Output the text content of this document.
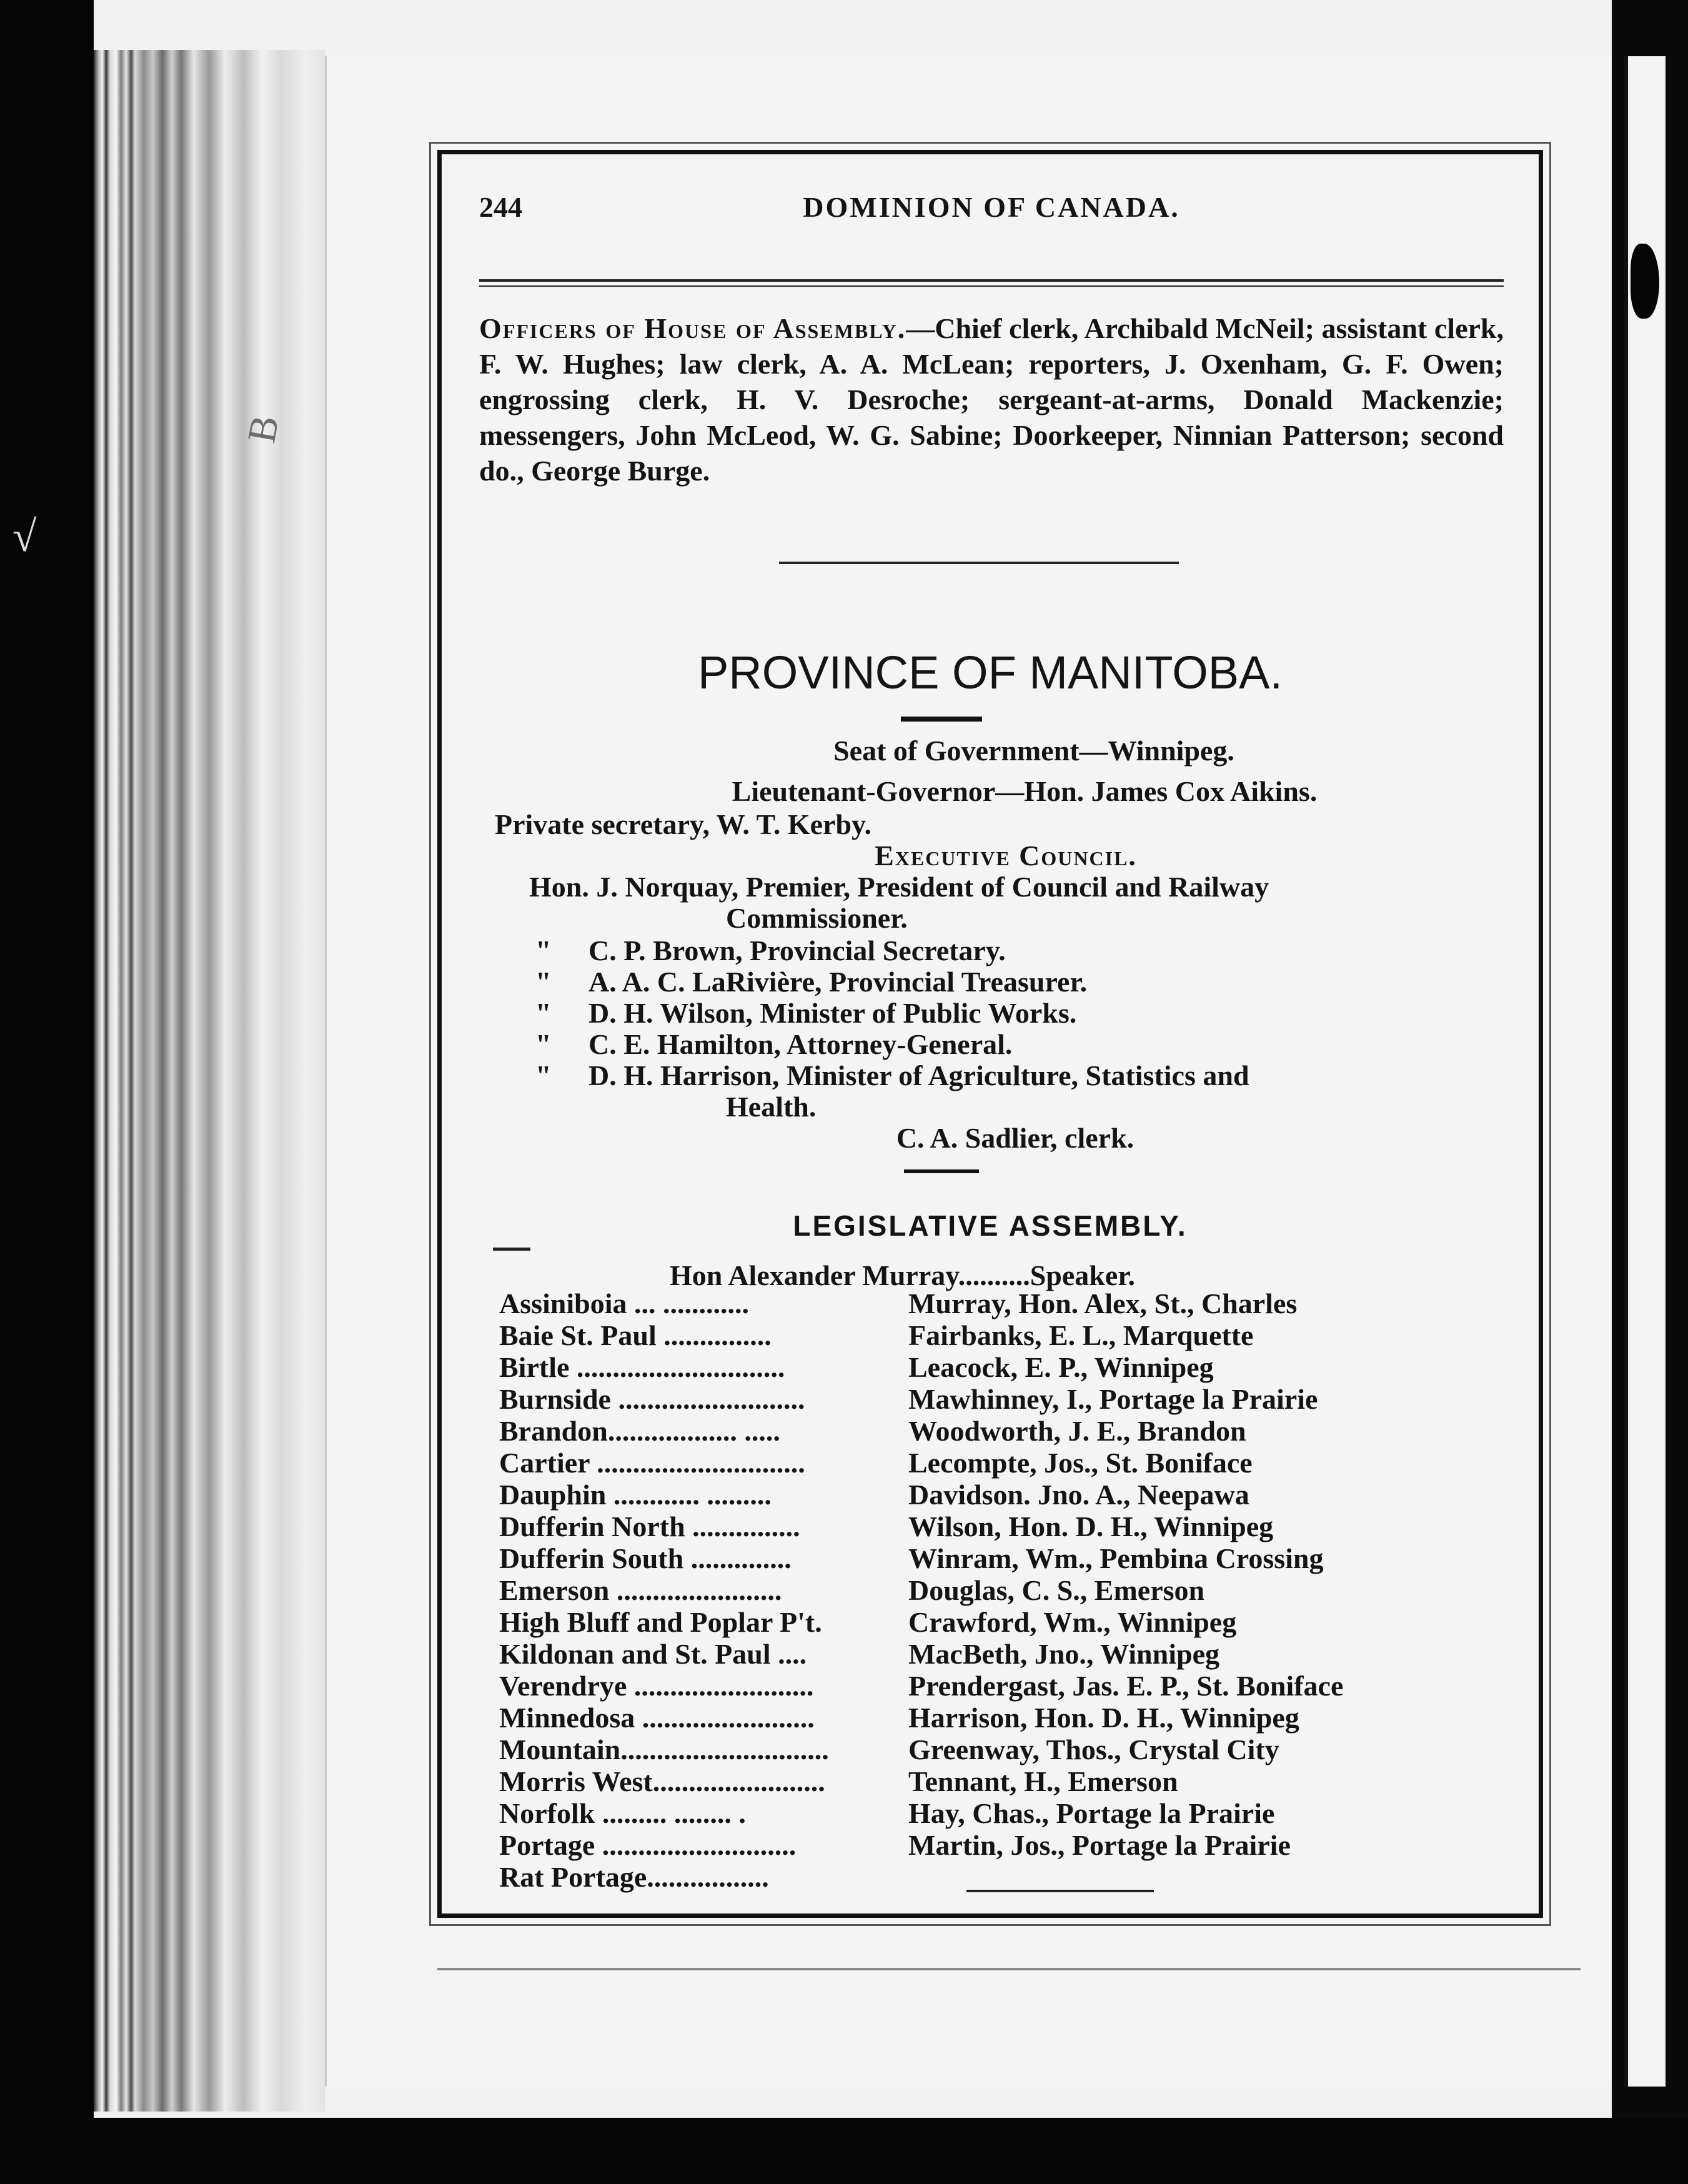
√
B
244	DOMINION OF CANADA.
Officers of House of Assembly.—Chief clerk, Archibald McNeil; assistant clerk, F. W. Hughes; law clerk, A. A. McLean; reporters, J. Oxenham, G. F. Owen; engrossing clerk, H. V. Desroche; sergeant-at-arms, Donald Mackenzie; messengers, John McLeod, W. G. Sabine; Doorkeeper, Ninnian Patterson; second do., George Burge.
PROVINCE OF MANITOBA.
Seat of Government—Winnipeg.
Lieutenant-Governor—Hon. James Cox Aikins.
Private secretary, W. T. Kerby.
Executive Council.
Hon. J. Norquay, Premier, President of Council and Railway
Commissioner.
"	C. P. Brown, Provincial Secretary.
"	A. A. C. LaRivière, Provincial Treasurer.
"	D. H. Wilson, Minister of Public Works.
"	C. E. Hamilton, Attorney-General.
"	D. H. Harrison, Minister of Agriculture, Statistics and
Health.
C. A. Sadlier, clerk.
LEGISLATIVE ASSEMBLY.
Hon Alexander Murray..........Speaker.
Assiniboia ... ............	Murray, Hon. Alex, St., Charles
Baie St. Paul ...............	Fairbanks, E. L., Marquette
Birtle .............................	Leacock, E. P., Winnipeg
Burnside ..........................	Mawhinney, I., Portage la Prairie
Brandon.................. .....	Woodworth, J. E., Brandon
Cartier .............................	Lecompte, Jos., St. Boniface
Dauphin ............ .........	Davidson. Jno. A., Neepawa
Dufferin North ...............	Wilson, Hon. D. H., Winnipeg
Dufferin South ..............	Winram, Wm., Pembina Crossing
Emerson .......................	Douglas, C. S., Emerson
High Bluff and Poplar P't.	Crawford, Wm., Winnipeg
Kildonan and St. Paul ....	MacBeth, Jno., Winnipeg
Verendrye .........................	Prendergast, Jas. E. P., St. Boniface
Minnedosa ........................	Harrison, Hon. D. H., Winnipeg
Mountain.............................	Greenway, Thos., Crystal City
Morris West........................	Tennant, H., Emerson
Norfolk ......... ........ .	Hay, Chas., Portage la Prairie
Portage ...........................	Martin, Jos., Portage la Prairie
Rat Portage.................
